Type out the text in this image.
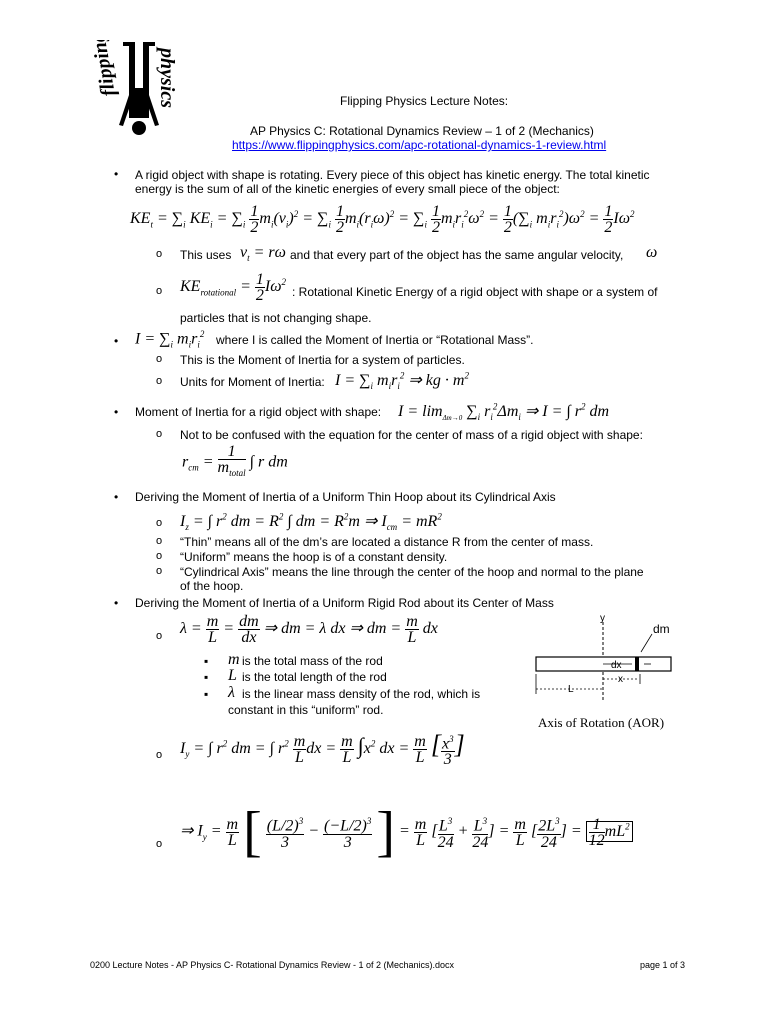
flipping physics	Flipping Physics Lecture Notes:
AP Physics C: Rotational Dynamics Review – 1 of 2 (Mechanics)
https://www.flippingphysics.com/apc-rotational-dynamics-1-review.html
• A rigid object with shape is rotating. Every piece of this object has kinetic energy. The total kinetic
energy is the sum of all of the kinetic energies of every small piece of the object:
$KE_t = \sum_i$ $KE_i = \sum_i \frac{1}{2} m_i(v_i)^2 = \sum_i \frac{1}{2} m_i(r_i\omega)^2 = \sum_i \frac{1}{2} m_ir_i^2\omega^2 = \frac{1}{2} (\sum_i$ $m_ir_i^2)\omega^2 = \frac{1}{2} I\omega^2$
o This uses $v_t = r\omega$ and that every part of the object has the same angular velocity, ω
o $KE_{rotational} = \frac{1}{2} I\omega^2$
: Rotational Kinetic Energy of a rigid object with shape or a system of
particles that is not changing shape.
• $I = \sum_i$ $m_ir_i^2$ where I is called the Moment of Inertia or “Rotational Mass”.
o This is the Moment of Inertia for a system of particles.
o Units for Moment of Inertia: $I = \sum_i$ $m_ir_i^2$ ⇒ kg · $m^2$
• Moment of Inertia for a rigid object with shape: $I = \lim_{\Delta m\to 0} \sum_i$ $r_i^2\Delta m_i$ ⇒ I = ∫ $r^2$ dm
o Not to be confused with the equation for the center of mass of a rigid object with shape:
$r_{cm} = \frac{1}{m_{total}}$ ∫ r dm
• Deriving the Moment of Inertia of a Uniform Thin Hoop about its Cylindrical Axis
o $I_z$ = ∫ $r^2$ dm = $R^2$ ∫ dm = $R^2m$ ⇒ $I_{cm} = mR^2$
o “Thin” means all of the dm’s are located a distance R from the center of mass.
o “Uniform” means the hoop is of a constant density.
o “Cylindrical Axis” means the line through the center of the hoop and normal to the plane
of the hoop.
• Deriving the Moment of Inertia of a Uniform Rigid Rod about its Center of Mass
o $\lambda = \frac{m}{L} = \frac{dm}{dx}$ ⇒ dm = λ dx ⇒ dm = $\frac{m}{L}$ dx
▪ m is the total mass of the rod
▪ L is the total length of the rod
▪ λ is the linear mass density of the rod, which is
constant in this “uniform” rod.
y
dm
dx
x
L
Axis of Rotation (AOR)
o $I_y$ = ∫ $r^2$ dm = ∫ $r^2 \frac{m}{L}$ dx = $\frac{m}{L} \int x^2$ dx = $\frac{m}{L}$ [ $\frac{x^3}{3}$ ]
o
⇒ $I_y = \frac{m}{L}$ [ $\frac{(L/2)^3}{3} - \frac{(-L/2)^3}{3}$ ] = $\frac{m}{L}$ [ $\frac{L^3}{24} + \frac{L^3}{24}$ ] = $\frac{m}{L}$ [ $\frac{2L^3}{24}$ ] = $\frac{1}{12} mL^2$
0200 Lecture Notes - AP Physics C- Rotational Dynamics Review - 1 of 2 (Mechanics).docx	page 1 of 3
